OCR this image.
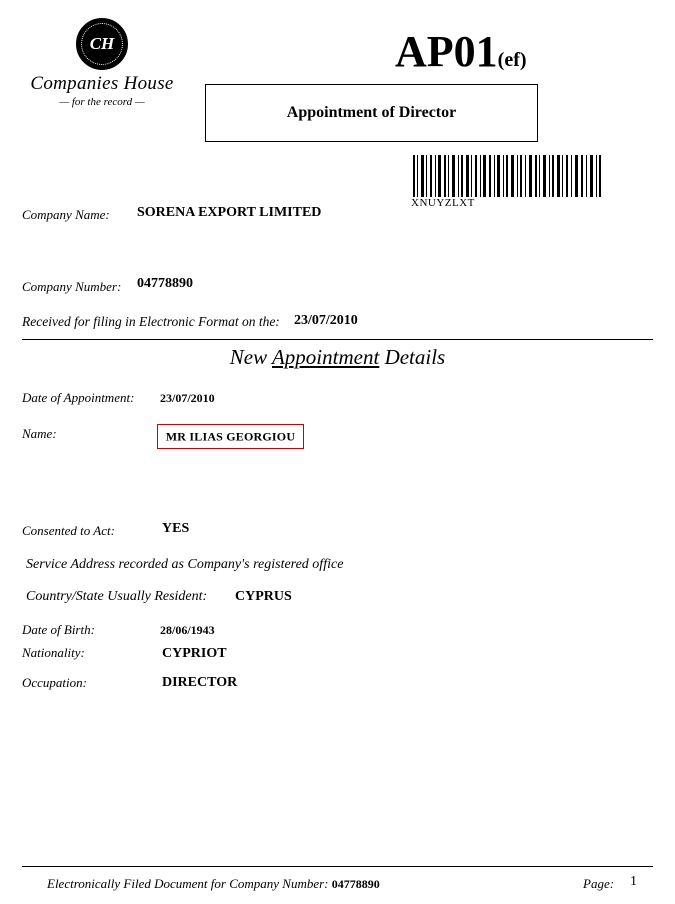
CH
Companies House
— for the record —
AP01(ef)
Appointment of Director
XNUYZLXT
Company Name: SORENA EXPORT LIMITED
Company Number: 04778890
Received for filing in Electronic Format on the: 23/07/2010
New Appointment Details
Date of Appointment: 23/07/2010
Name:	MR ILIAS GEORGIOU
Consented to Act:	YES
Service Address recorded as Company's registered office
Country/State Usually Resident: CYPRUS
Date of Birth:	28/06/1943
Nationality:	CYPRIOT
Occupation:	DIRECTOR
Electronically Filed Document for Company Number: 04778890	Page: 1
